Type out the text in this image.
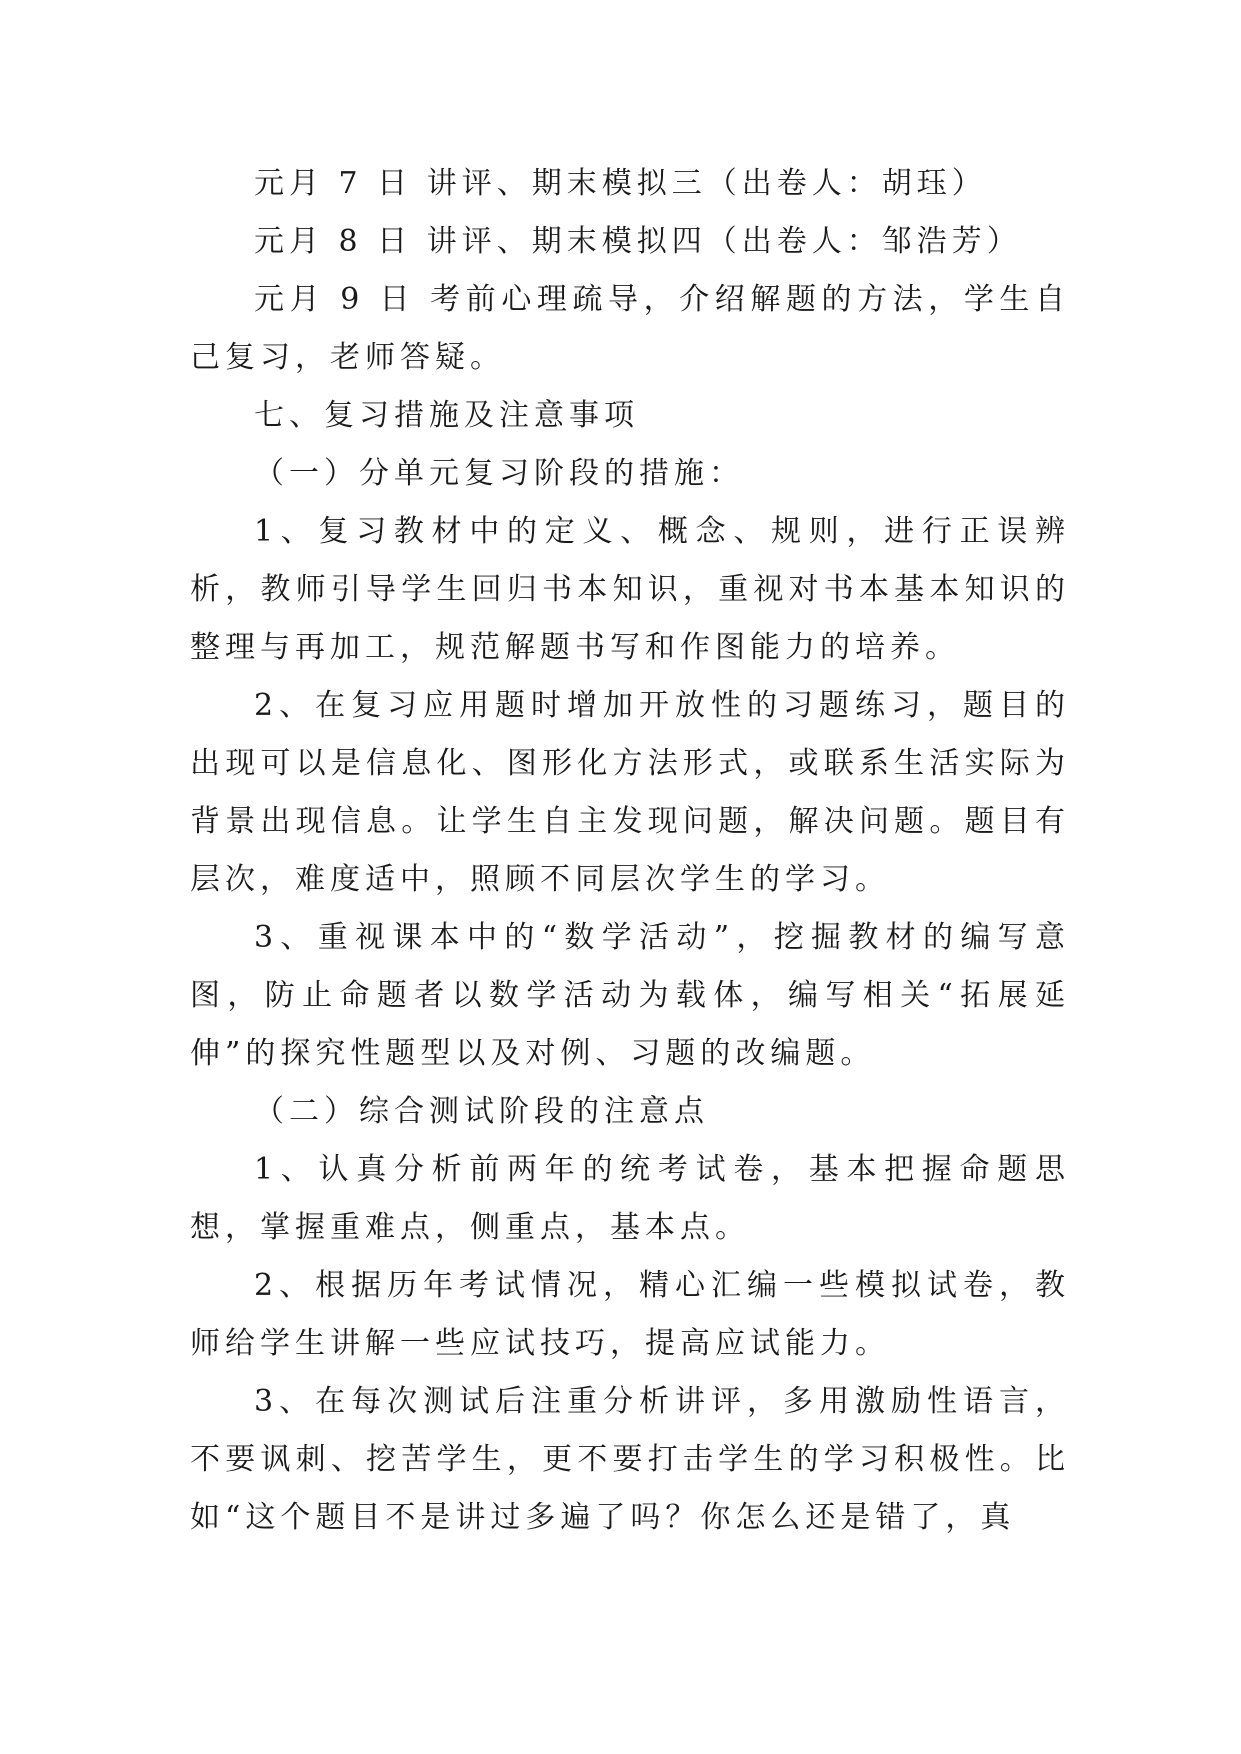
元月 7 日 讲评、期末模拟三（出卷人：胡珏）

元月 8 日 讲评、期末模拟四（出卷人：邹浩芳）

元月 9 日 考前心理疏导，介绍解题的方法，学生自己复习，老师答疑。

七、复习措施及注意事项

（一）分单元复习阶段的措施：

1、复习教材中的定义、概念、规则，进行正误辨析，教师引导学生回归书本知识，重视对书本基本知识的整理与再加工，规范解题书写和作图能力的培养。

2、在复习应用题时增加开放性的习题练习，题目的出现可以是信息化、图形化方法形式，或联系生活实际为背景出现信息。让学生自主发现问题，解决问题。题目有层次，难度适中，照顾不同层次学生的学习。

3、重视课本中的“数学活动”，挖掘教材的编写意图，防止命题者以数学活动为载体，编写相关“拓展延伸”的探究性题型以及对例、习题的改编题。

（二）综合测试阶段的注意点

1、认真分析前两年的统考试卷，基本把握命题思想，掌握重难点，侧重点，基本点。

2、根据历年考试情况，精心汇编一些模拟试卷，教师给学生讲解一些应试技巧，提高应试能力。

3、在每次测试后注重分析讲评，多用激励性语言，不要讽刺、挖苦学生，更不要打击学生的学习积极性。比如“这个题目不是讲过多遍了吗？你怎么还是错了，真
